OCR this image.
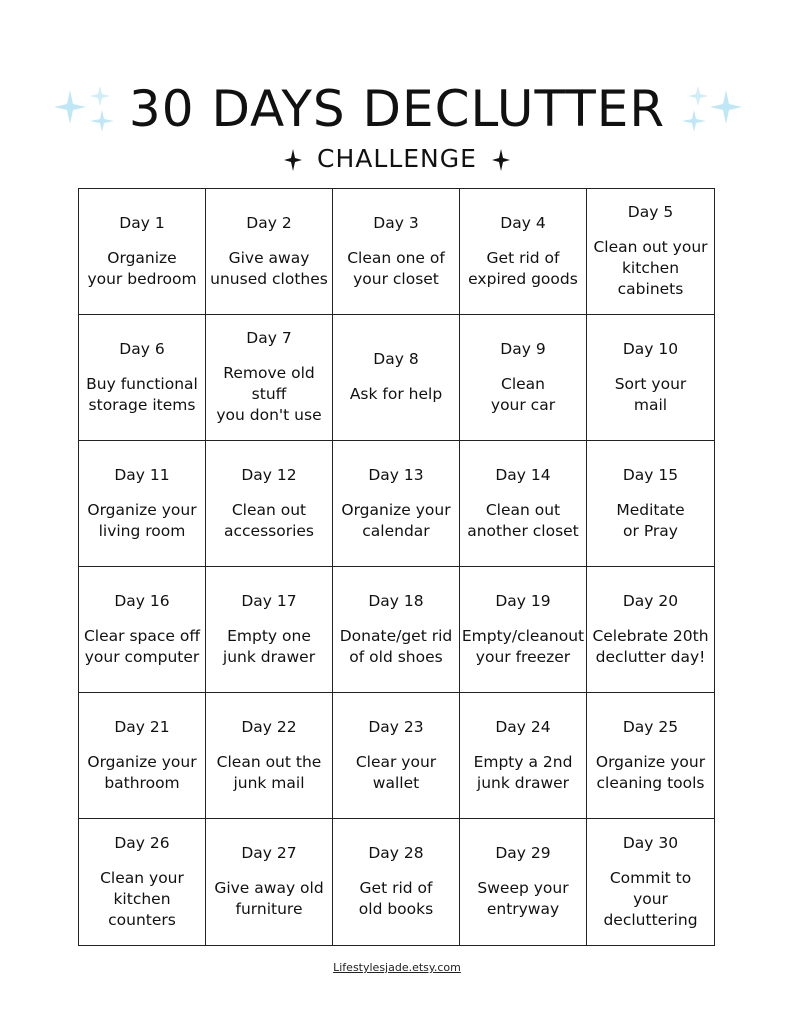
30 DAYS DECLUTTER
CHALLENGE
Day 1
Organize
your bedroom
Day 2
Give away
unused clothes
Day 3
Clean one of
your closet
Day 4
Get rid of
expired goods
Day 5
Clean out your
kitchen cabinets
Day 6
Buy functional
storage items
Day 7
Remove old stuff
you don't use
Day 8
Ask for help
Day 9
Clean
your car
Day 10
Sort your
mail
Day 11
Organize your
living room
Day 12
Clean out
accessories
Day 13
Organize your
calendar
Day 14
Clean out
another closet
Day 15
Meditate
or Pray
Day 16
Clear space off
your computer
Day 17
Empty one
junk drawer
Day 18
Donate/get rid
of old shoes
Day 19
Empty/cleanout
your freezer
Day 20
Celebrate 20th
declutter day!
Day 21
Organize your
bathroom
Day 22
Clean out the
junk mail
Day 23
Clear your
wallet
Day 24
Empty a 2nd
junk drawer
Day 25
Organize your
cleaning tools
Day 26
Clean your
kitchen counters
Day 27
Give away old
furniture
Day 28
Get rid of
old books
Day 29
Sweep your
entryway
Day 30
Commit to
your decluttering
Lifestylesjade.etsy.com
